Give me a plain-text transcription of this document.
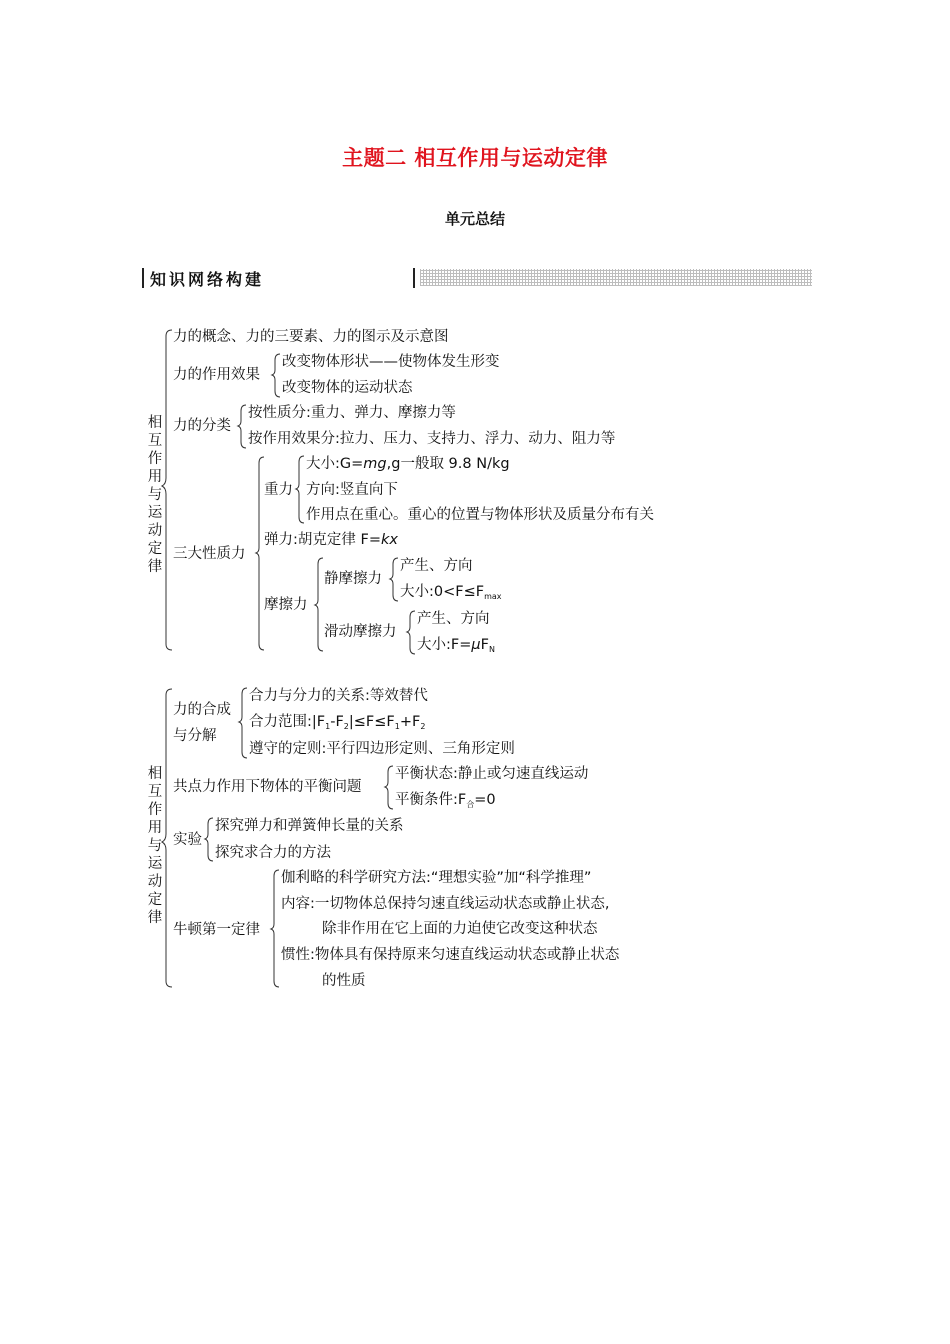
主题二 相互作用与运动定律
单元总结
知识网络构建
相互作用与运动定律
力的概念、力的三要素、力的图示及示意图
力的作用效果
改变物体形状——使物体发生形变
改变物体的运动状态
力的分类
按性质分:重力、弹力、摩擦力等
按作用效果分:拉力、压力、支持力、浮力、动力、阻力等
三大性质力
重力
大小:G=mg,g一般取 9.8 N/kg
方向:竖直向下
作用点在重心。重心的位置与物体形状及质量分布有关
弹力:胡克定律 F=kx
摩擦力
静摩擦力
产生、方向
大小$:0<F\le F_{max}$
滑动摩擦力
产生、方向
大小$:F=\mu F_N$
相互作用与运动定律
力的合成
与分解
合力与分力的关系:等效替代
合力范围$:|F_1-F_2|\le F\le F_1+F_2$
遵守的定则:平行四边形定则、三角形定则
共点力作用下物体的平衡问题
平衡状态:静止或匀速直线运动
平衡条件$:F_合=0$
实验
探究弹力和弹簧伸长量的关系
探究求合力的方法
牛顿第一定律
伽利略的科学研究方法:“理想实验”加“科学推理”
内容:一切物体总保持匀速直线运动状态或静止状态,
除非作用在它上面的力迫使它改变这种状态
惯性:物体具有保持原来匀速直线运动状态或静止状态
的性质
